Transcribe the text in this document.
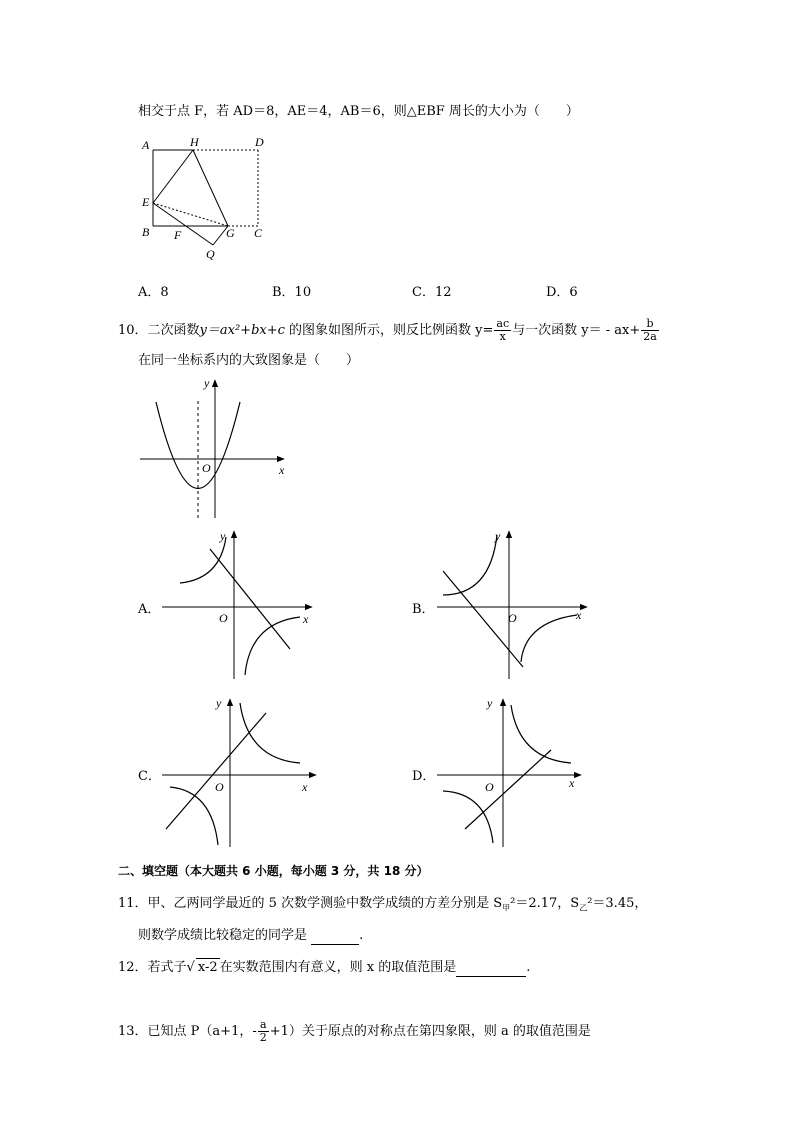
相交于点 F，若 AD＝8，AE＝4，AB＝6，则△EBF 周长的大小为（　　）
A	H	D
E
B F	G C
Q
A．8	B．10	C．12	D．6
10．二次函数y＝ax²+bx+c 的图象如图所示，则反比例函数 $y= \frac{ac}{x}$ 与一次函数 $y= - ax+ \frac{b}{2a}$
在同一坐标系内的大致图象是（　　）
y
x
O
A．
y
x
O
B．
y
x
O
C．
y
x
O
D．
y
x
O
二、填空题（本大题共 6 小题，每小题 3 分，共 18 分）
11．甲、乙两同学最近的 5 次数学测验中数学成绩的方差分别是 $S_甲^2=2.17$，$S_乙^2=3.45$，
则数学成绩比较稳定的同学是	.
12．若式子√ x-2 在实数范围内有意义，则 x 的取值范围是	.
13．已知点 P（a+1，- $\frac{a}{2} +1$）关于原点的对称点在第四象限，则 a 的取值范围是
